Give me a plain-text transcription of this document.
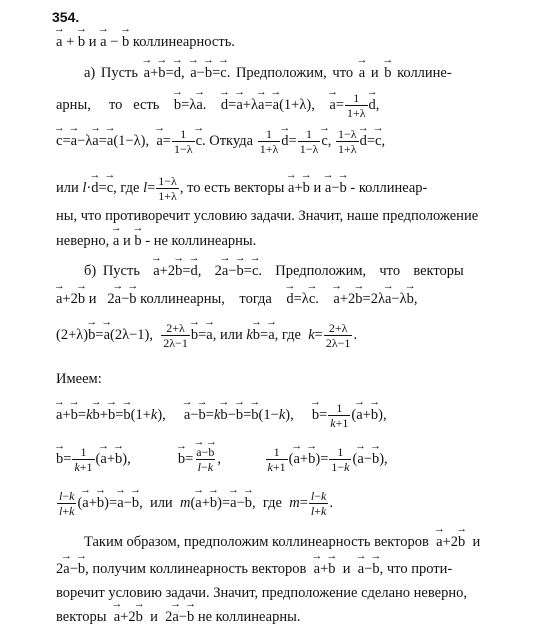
354.
→ a + → b и → a − → b коллинеарность.
а) Пусть → a+→ b=→ d, → a−→ b=→ c. Предположим, что → a и → b коллине-
арны,     то   есть    → b=λ→ a.    → d=→ a+λ→ a=→ a(1+λ),    → $a= \frac{1}{1+\lambda}$
→ d,
→ c=→ a−λ→ a=→ a(1−λ),  → $a= \frac{1}{1-\lambda}$
→ c. Откуда $\frac{1}{1+\lambda}$
→ $d= \frac{1}{1-\lambda}$
→ c, $\frac{1-\lambda}{1+\lambda}$
→ d=→ c,
или l·→ d=→ c, где $l= \frac{1-\lambda}{1+\lambda}$ , то есть векторы → a+→ b и → a−→ b - коллинеар-
ны, что противоречит условию задачи. Значит, наше предположение
неверно, → a и → b - не коллинеарны.
б) Пусть  → a+2→ b=→ d,  2→ a−→ b=→ c.  Предположим,  что  векторы
→ a+2→ b и   2→ a−→ b коллинеарны,    тогда    → d=λ→ c.    → a+2→ b=2λ→ a−λ→ b,
(2+λ)→ b=→ a(2λ−1), $\frac{2+\lambda}{2\lambda-1}$
→ b=→ a, или k→ b=→ a, где  $k= \frac{2+\lambda}{2\lambda-1}$ .
Имеем:
→ a+→ b=k→ b+→ b=→ b(1+k),     → a−→ b=k→ b−→ b=→ b(1−k),     → $b= \frac{1}{k+1}$ (→ a+→ b),
→ $b= \frac{1}{k+1}$ (→ a+→ b),             → b=
→ $\frac{a-\to b}{l-k}$ , $\frac{1}{k+1}$ (→ $a+\to b)= \frac{1}{1-k}$ (→ a−→ b),
$\frac{l-k}{l+k}$ (→ a+→ b)=→ a−→ b,  или  m(→ a+→ b)=→ a−→ b,  где  $m= \frac{l-k}{l+k}$ .
Таким образом, предположим коллинеарность векторов  → a+2→ b  и
2→ a−→ b, получим коллинеарность векторов  → a+→ b  и  → a−→ b, что проти-
воречит условию задачи. Значит, предположение сделано неверно,
векторы  → a+2→ b  и  2→ a−→ b не коллинеарны.
